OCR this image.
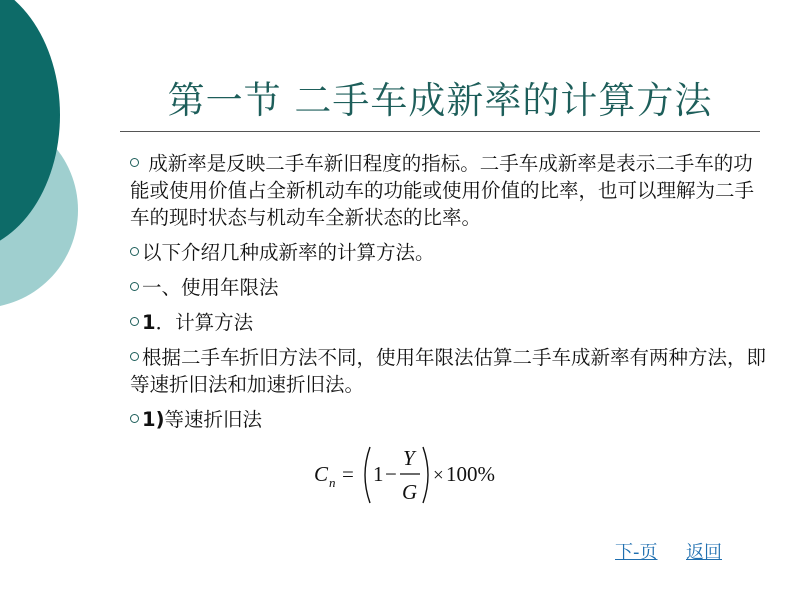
第一节 二手车成新率的计算方法

成新率是反映二手车新旧程度的指标。二手车成新率是表示二手车的功能或使用价值占全新机动车的功能或使用价值的比率，也可以理解为二手车的现时状态与机动车全新状态的比率。

以下介绍几种成新率的计算方法。

一、使用年限法

1．计算方法

根据二手车折旧方法不同，使用年限法估算二手车成新率有两种方法，即等速折旧法和加速折旧法。

1)等速折旧法

C n = 1 −
Y
G
× 100%
下-页 返回
